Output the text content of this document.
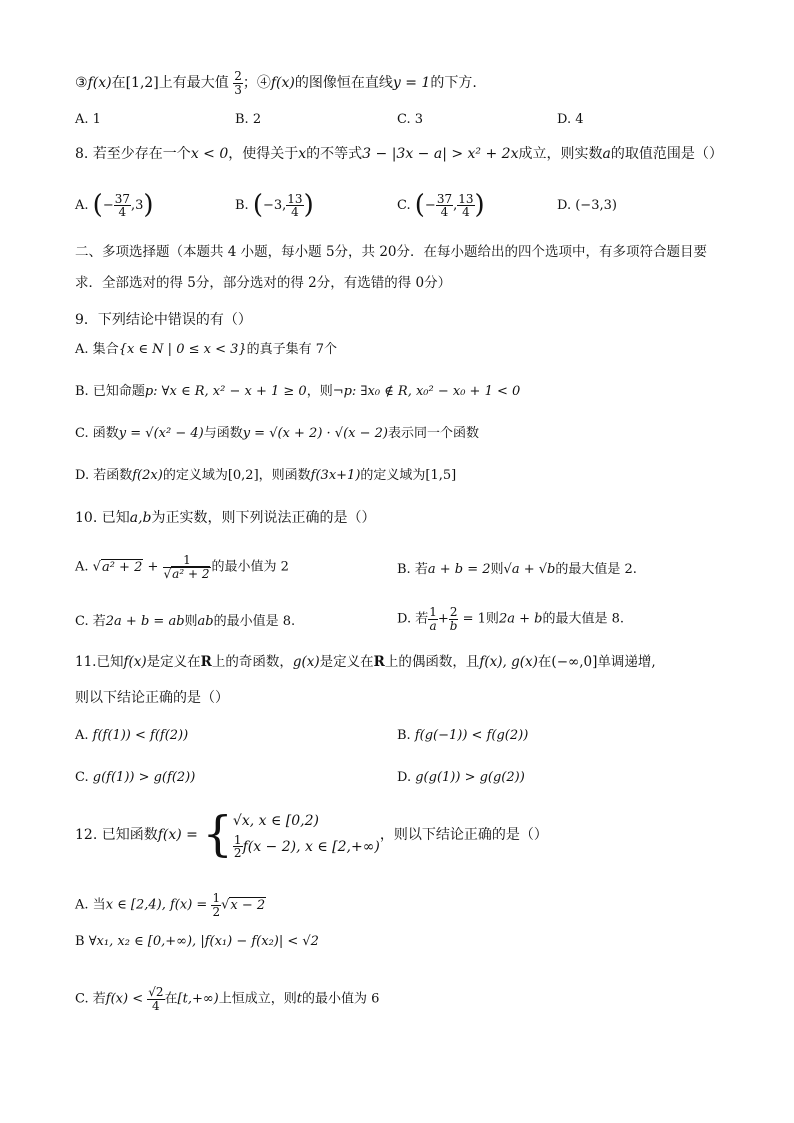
③f(x)在[1,2]上有最大值 $\frac{2}{3}$ ；④f(x)的图像恒在直线y = 1的下方.
A. 1	B. 2	C. 3	D. 4
8. 若至少存在一个x < 0，使得关于x的不等式3 − |3x − a| > x² + 2x成立，则实数a的取值范围是（）
A. (− $\frac{37}{4} ,3$)	B. (−3, $\frac{13}{4}$ )	C. (− $\frac{37}{4}$ , $\frac{13}{4}$ )	D. (−3,3)
二、多项选择题（本题共 4 小题，每小题 5分，共 20分．在每小题给出的四个选项中，有多项符合题目要
求．全部选对的得 5分，部分选对的得 2分，有选错的得 0分）
9．下列结论中错误的有（）
A. 集合{x ∈ N | 0 ≤ x < 3}的真子集有 7个
B. 已知命题p: ∀x ∈ R, x² − x + 1 ≥ 0，则¬p: ∃x₀ ∉ R, x₀² − x₀ + 1 < 0
C. 函数y = √(x² − 4)与函数y = √(x + 2) · √(x − 2)表示同一个函数
D. 若函数f(2x)的定义域为[0,2]，则函数f(3x+1)的定义域为[1,5]
10. 已知a,b为正实数，则下列说法正确的是（）
A. $√a^2 + 2 + \frac{1}{\text{√a² + 2}}$ 的最小值为 2	B. 若a + b = 2则√a + √b的最大值是 2.
C. 若2a + b = ab则ab的最小值是 8.	D. 若 $\frac{1}{a} + \frac{2}{b} = 1$则2a + b的最大值是 8.
11.已知f(x)是定义在R上的奇函数，g(x)是定义在R上的偶函数，且f(x), g(x)在(−∞,0]单调递增,
则以下结论正确的是（）
A. f(f(1)) < f(f(2))	B. f(g(−1)) < f(g(2))
C. g(f(1)) > g(f(2))	D. g(g(1)) > g(g(2))
12. 已知函数f(x) = { √x, x ∈ [0,2)
$\frac{1}{2} f(x - 2)$, x ∈ [2,+∞)
，则以下结论正确的是（）
A. 当x ∈ [2,4), $f(x) = \frac{1}{2} √x - 2$
B ∀x₁, x₂ ∈ [0,+∞), |f(x₁) − f(x₂)| < √2
C. 若$f(x) < \frac{√2}{4}$ 在[t,+∞)上恒成立，则t的最小值为 6
